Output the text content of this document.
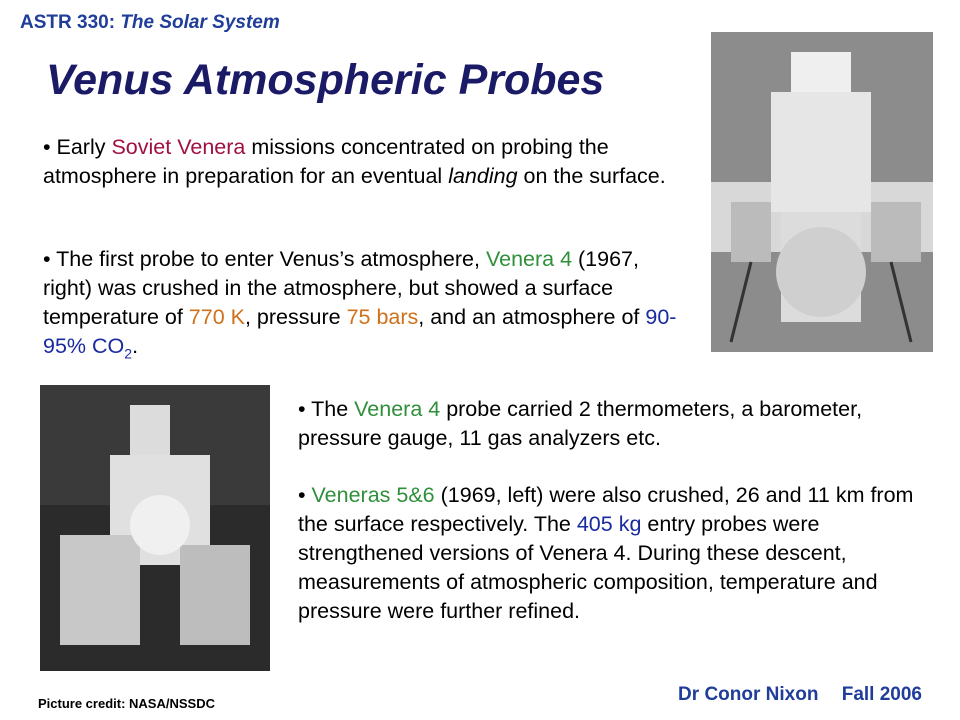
ASTR 330: The Solar System
Venus Atmospheric Probes
• Early Soviet Venera missions concentrated on probing the atmosphere in preparation for an eventual landing on the surface.
• The first probe to enter Venus’s atmosphere, Venera 4 (1967, right) was crushed in the atmosphere, but showed a surface temperature of 770 K, pressure 75 bars, and an atmosphere of 90-95% $CO_2$.
• The Venera 4 probe carried 2 thermometers, a barometer, pressure gauge, 11 gas analyzers etc.
• Veneras 5&6 (1969, left) were also crushed, 26 and 11 km from the surface respectively. The 405 kg entry probes were strengthened versions of Venera 4. During these descent, measurements of atmospheric composition, temperature and pressure were further refined.
Picture credit: NASA/NSSDC	Dr Conor Nixon Fall 2006
